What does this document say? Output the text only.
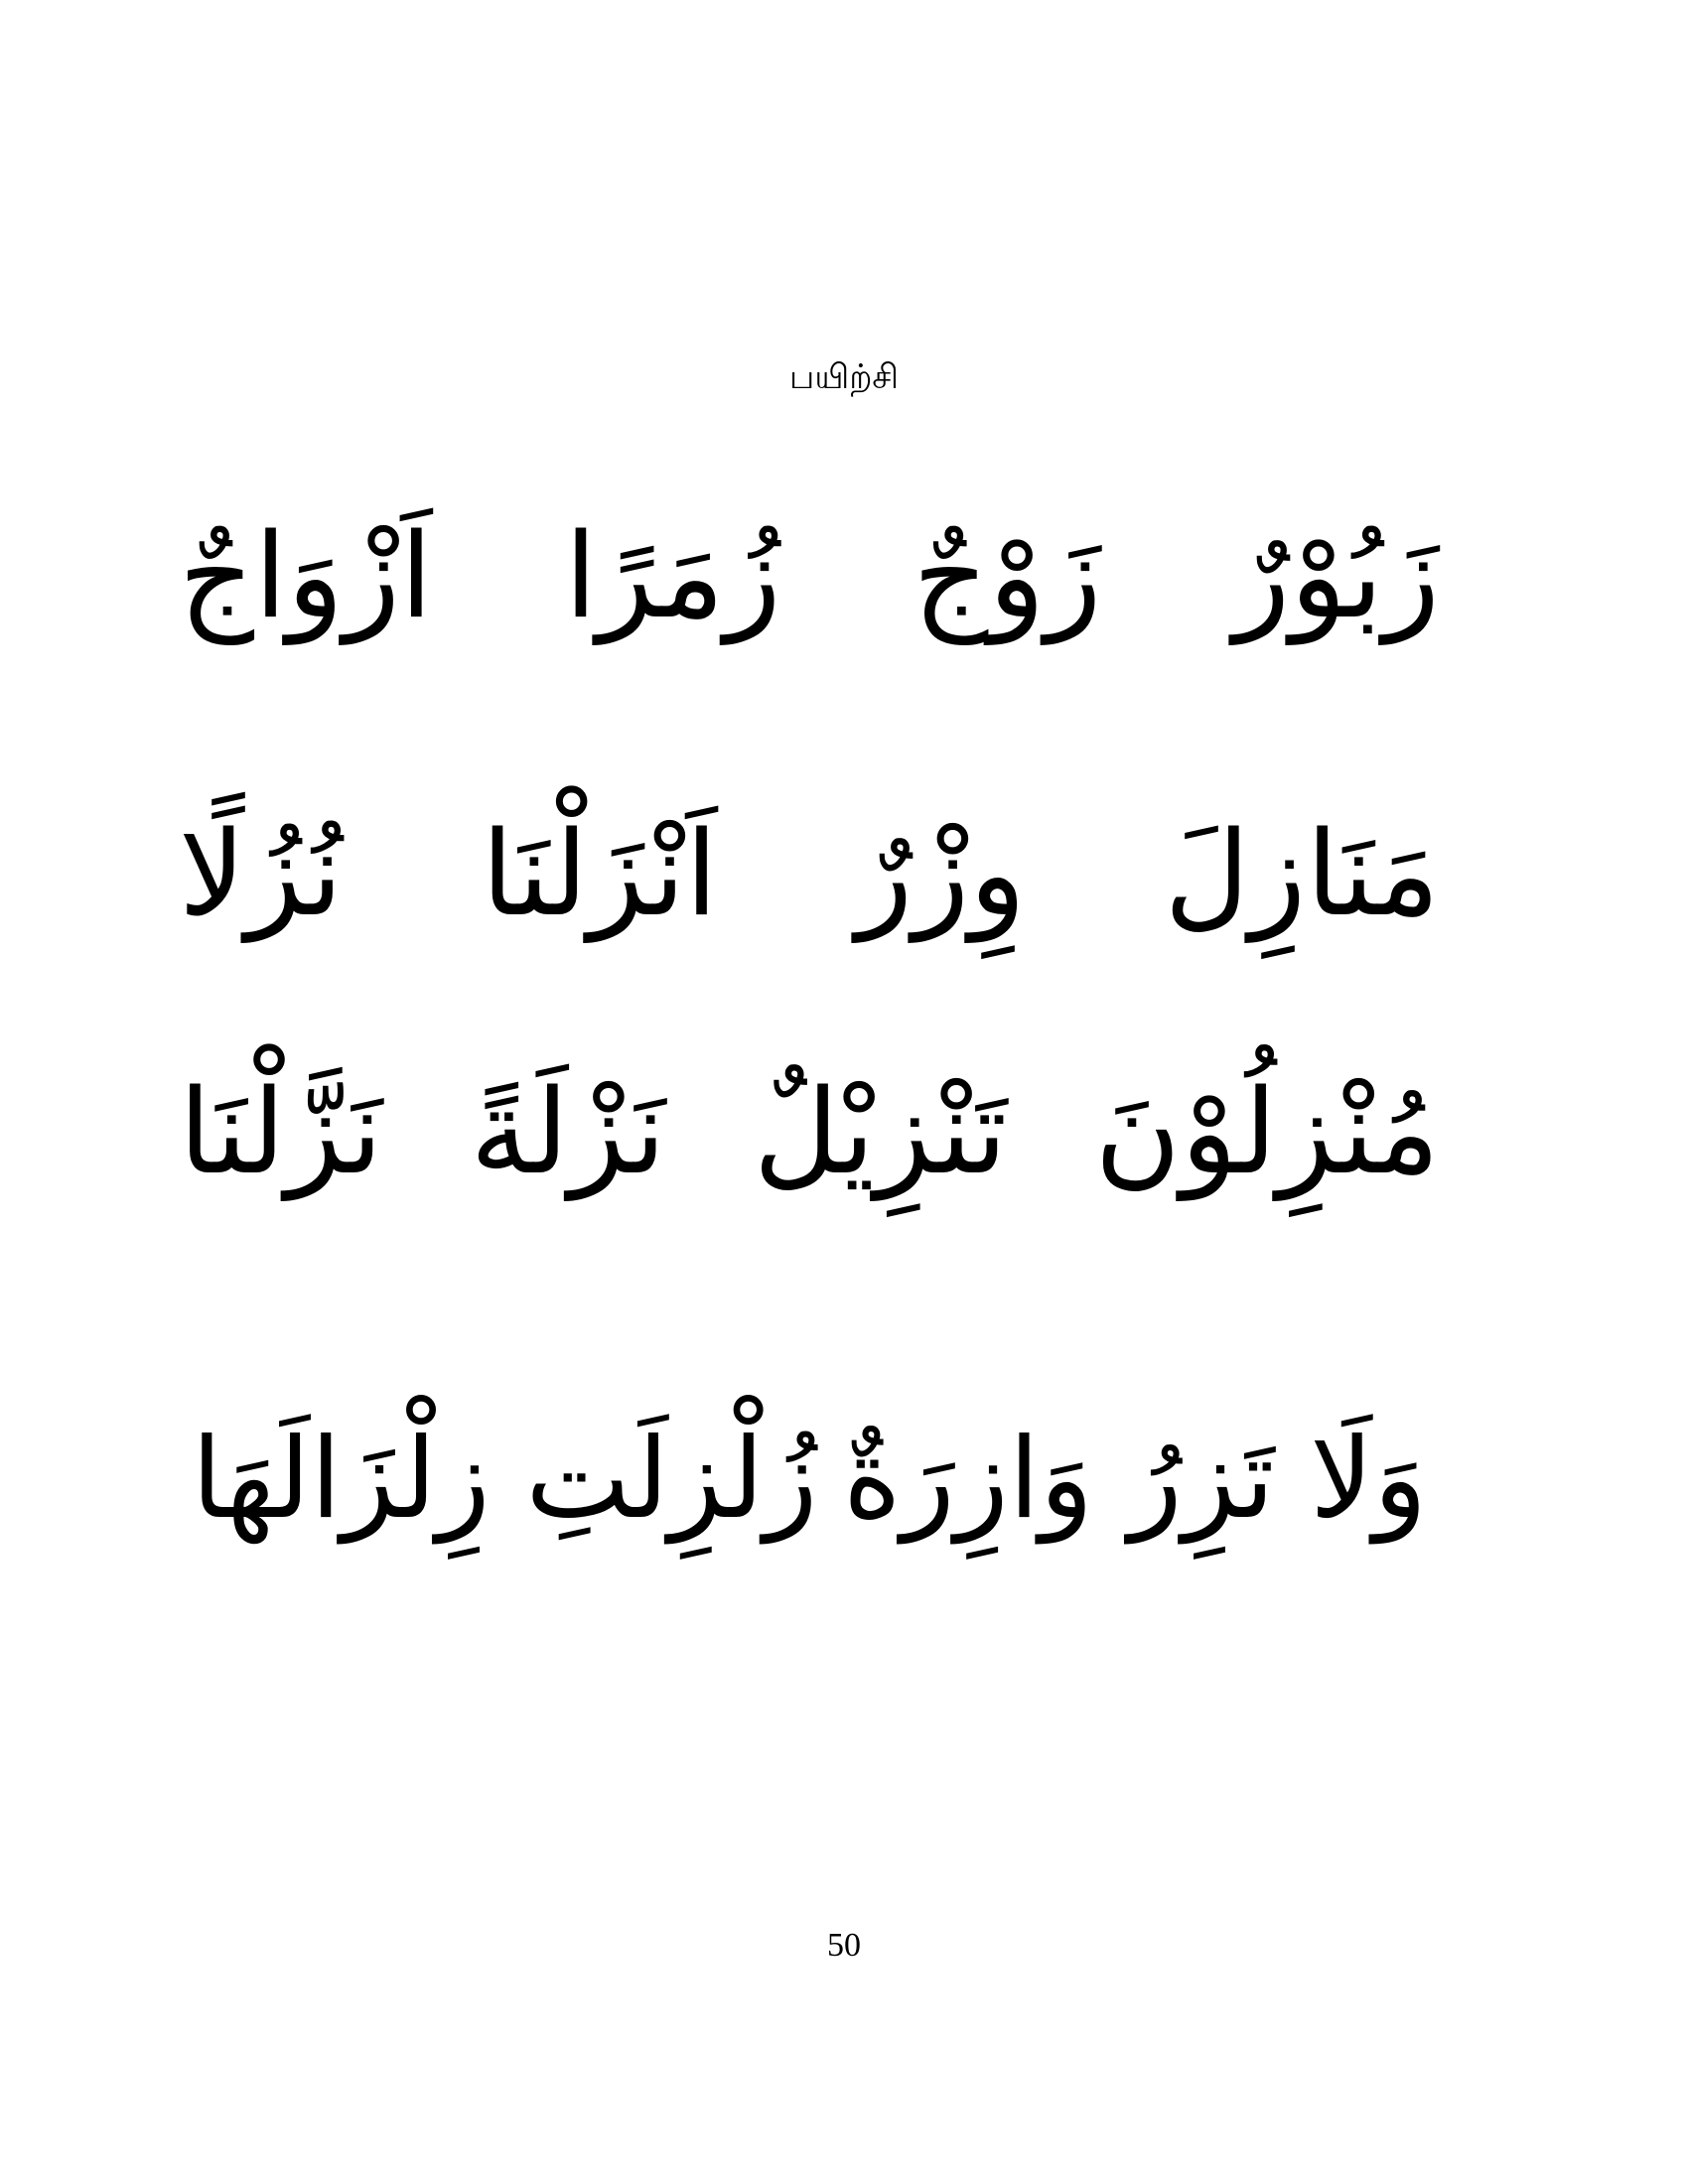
பயிற்சி
زَبُوْرٌ
زَوْجٌ
زُمَرًا
اَزْوَاجٌ
مَنَازِلَ
وِزْرٌ
اَنْزَلْنَا
نُزُلًا
مُنْزِلُوْنَ
تَنْزِيْلٌ
نَزْلَةً
نَزَّلْنَا
وَلَا تَزِرُ وَازِرَةٌ
زُلْزِلَتِ زِلْزَالَهَا
50
